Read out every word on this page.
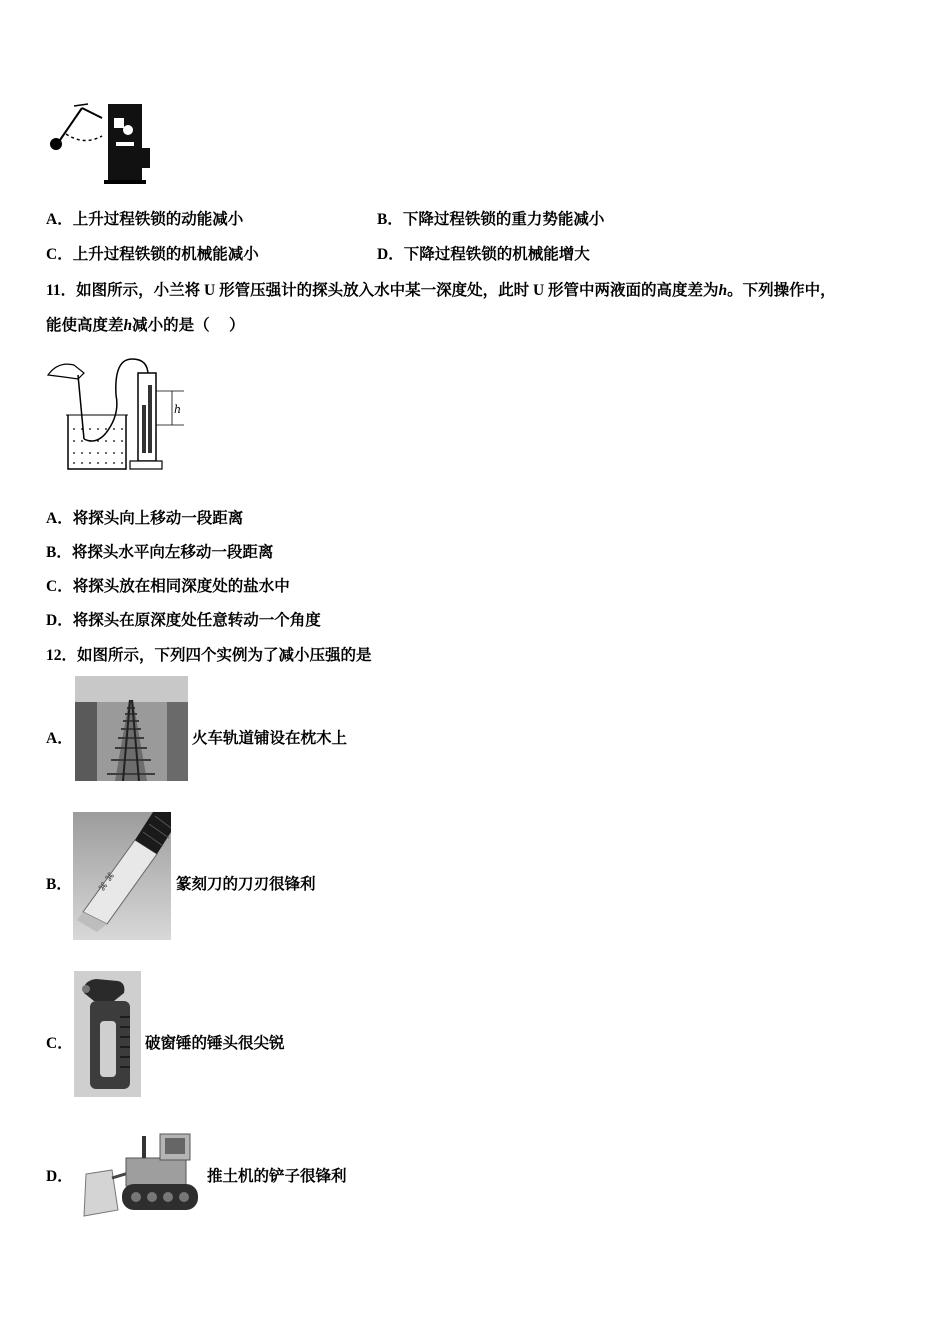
A．上升过程铁锁的动能减小	B．下降过程铁锁的重力势能减小
C．上升过程铁锁的机械能减小	D．下降过程铁锁的机械能增大
11．如图所示，小兰将 U 形管压强计的探头放入水中某一深度处，此时 U 形管中两液面的高度差为h。下列操作中，
能使高度差h减小的是（　 ）
h
A．将探头向上移动一段距离
B．将探头水平向左移动一段距离
C．将探头放在相同深度处的盐水中
D．将探头在原深度处任意转动一个角度
12．如图所示，下列四个实例为了减小压强的是
A．	火车轨道铺设在枕木上
B．	⌘ ⌘	篆刻刀的刀刃很锋利
C．	破窗锤的锤头很尖锐
D．	推土机的铲子很锋利
